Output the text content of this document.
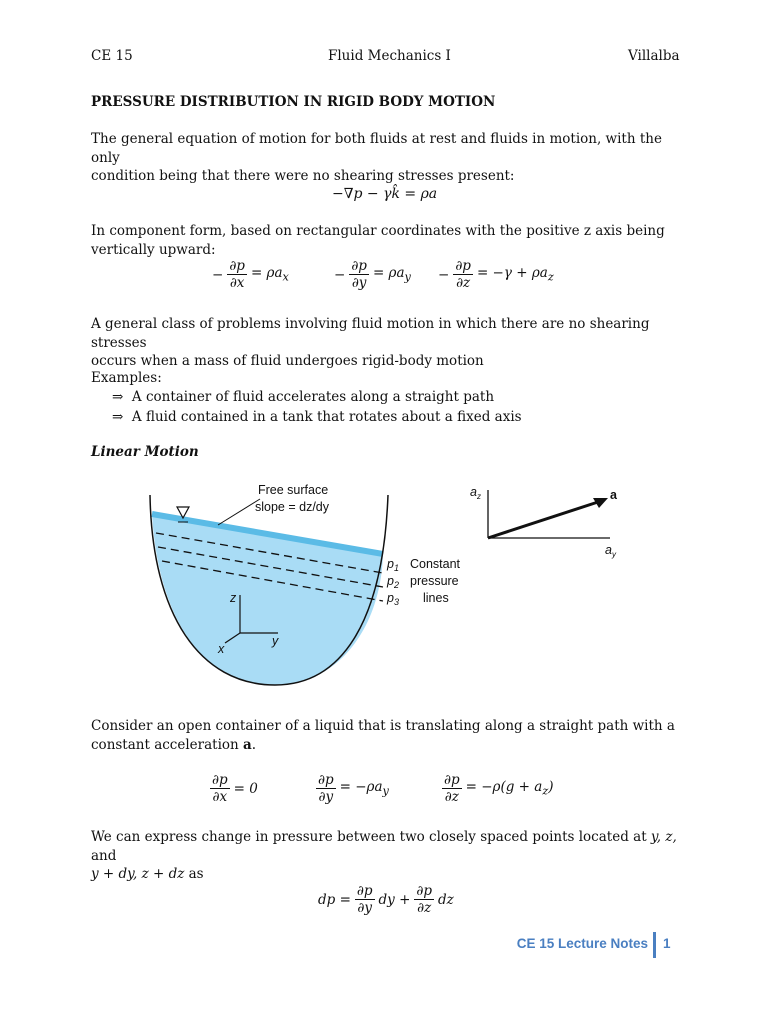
CE 15	Fluid Mechanics I	Villalba
PRESSURE DISTRIBUTION IN RIGID BODY MOTION
The general equation of motion for both fluids at rest and fluids in motion, with the only
condition being that there were no shearing stresses present:
−∇p − γk̂ = ρa
In component form, based on rectangular coordinates with the positive z axis being
vertically upward:
− $\frac{\partial p}{\partial x} = \rho a_x$	− $\frac{\partial p}{\partial y} = \rho a_y - \frac{\partial p}{\partial z} = -\gamma + \rho a_z$
A general class of problems involving fluid motion in which there are no shearing stresses
occurs when a mass of fluid undergoes rigid-body motion
Examples:
⇒ A container of fluid accelerates along a straight path
⇒ A fluid contained in a tank that rotates about a fixed axis
Linear Motion
Free surface
slope = dz/dy
$p_1$
$p_2$
$p_3$
Constant
pressure
lines
z
y
x
$a_z$
$a_y$
a
Consider an open container of a liquid that is translating along a straight path with a
constant acceleration a.
$\frac{\partial p}{\partial x} = 0$	$\frac{\partial p}{\partial y} = -\rho a_y$	$\frac{\partial p}{\partial z} = -\rho(g + a_z)$
We can express change in pressure between two closely spaced points located at y, z, and
y + dy, z + dz as
dp = $\frac{\partial p}{\partial y}$ dy + $\frac{\partial p}{\partial z}$ dz
CE 15 Lecture Notes 1
